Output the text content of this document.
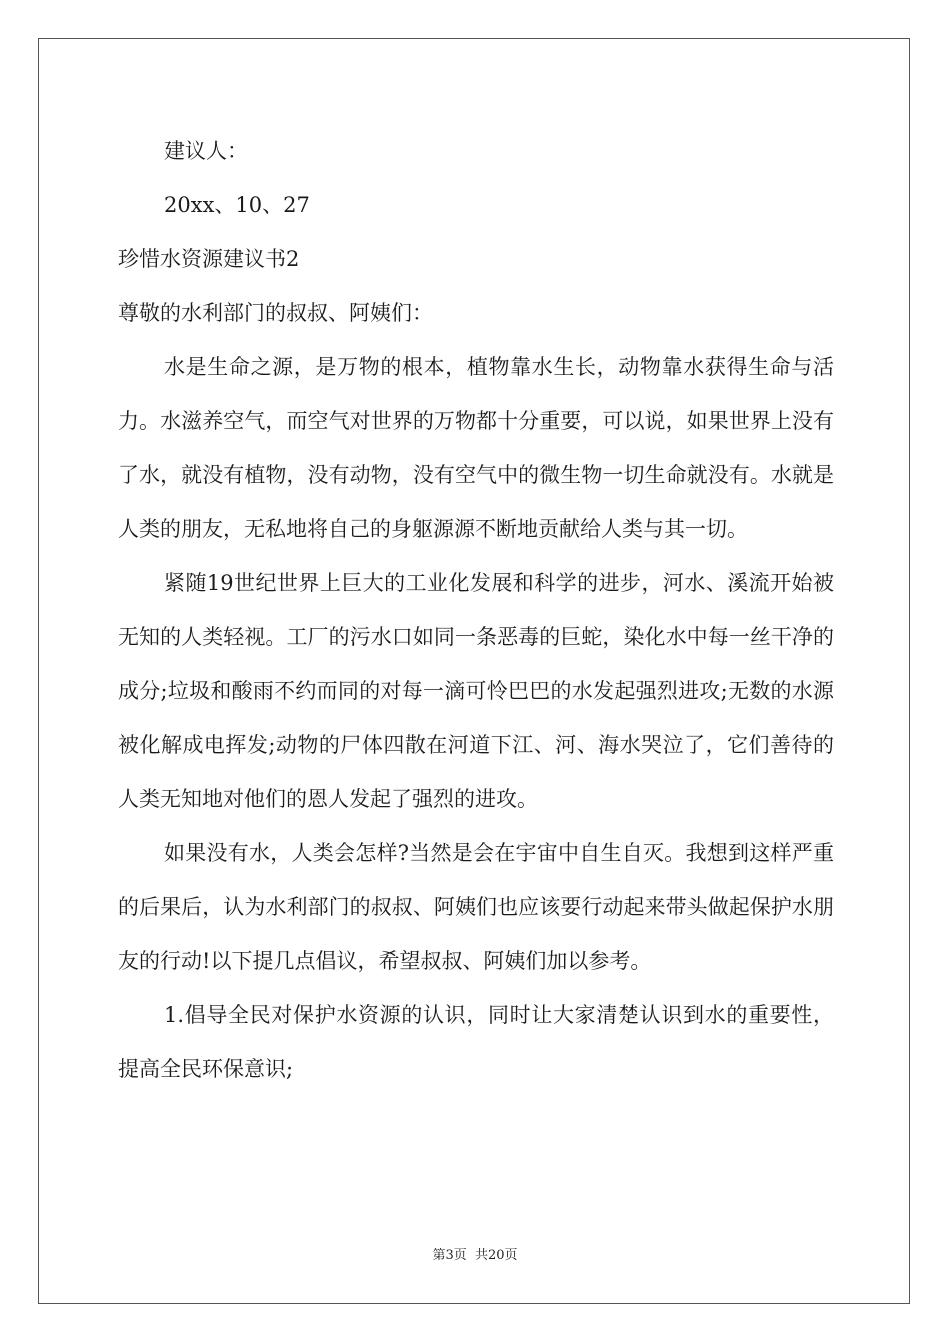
建议人：

20xx、10、27

珍惜水资源建议书2

尊敬的水利部门的叔叔、阿姨们：

水是生命之源，是万物的根本，植物靠水生长，动物靠水获得生命与活力。水滋养空气，而空气对世界的万物都十分重要，可以说，如果世界上没有了水，就没有植物，没有动物，没有空气中的微生物一切生命就没有。水就是人类的朋友，无私地将自己的身躯源源不断地贡献给人类与其一切。

紧随19世纪世界上巨大的工业化发展和科学的进步，河水、溪流开始被无知的人类轻视。工厂的污水口如同一条恶毒的巨蛇，染化水中每一丝干净的成分;垃圾和酸雨不约而同的对每一滴可怜巴巴的水发起强烈进攻;无数的水源被化解成电挥发;动物的尸体四散在河道下江、河、海水哭泣了，它们善待的人类无知地对他们的恩人发起了强烈的进攻。

如果没有水，人类会怎样?当然是会在宇宙中自生自灭。我想到这样严重的后果后，认为水利部门的叔叔、阿姨们也应该要行动起来带头做起保护水朋友的行动!以下提几点倡议，希望叔叔、阿姨们加以参考。

1.倡导全民对保护水资源的认识，同时让大家清楚认识到水的重要性，提高全民环保意识;

第3页 共20页
